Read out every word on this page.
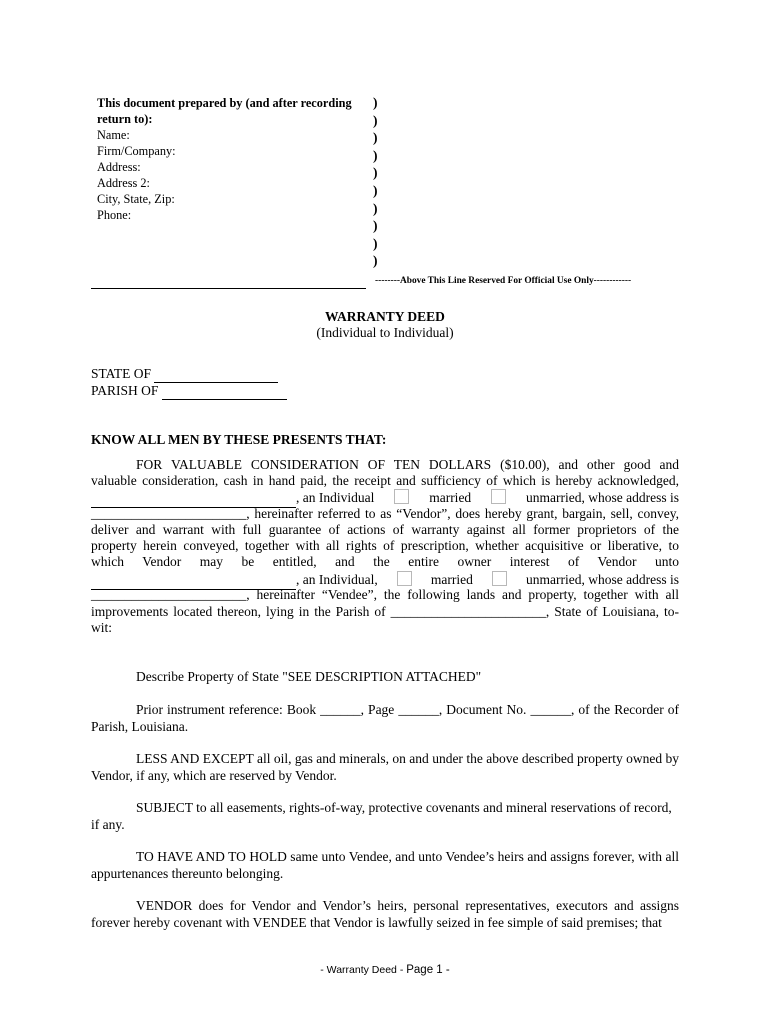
This document prepared by (and after recording return to):
Name:
Firm/Company:
Address:
Address 2:
City, State, Zip:
Phone:
)
)
)
)
)
)
)
)
)
)
--------Above This Line Reserved For Official Use Only------------
WARRANTY DEED
(Individual to Individual)
STATE OF
PARISH OF
KNOW ALL MEN BY THESE PRESENTS THAT:
FOR VALUABLE CONSIDERATION OF TEN DOLLARS ($10.00), and other good and
valuable consideration, cash in hand paid, the receipt and sufficiency of which is hereby acknowledged,
, an Individual	married	unmarried, whose address is
_______________________, hereinafter referred to as “Vendor”, does hereby grant, bargain, sell, convey,
deliver and warrant with full guarantee of actions of warranty against all former proprietors of the
property herein conveyed, together with all rights of prescription, whether acquisitive or liberative, to
which Vendor may be entitled, and the entire owner interest of Vendor unto
, an Individual,	married	unmarried, whose address is
_______________________, hereinafter “Vendee”, the following lands and property, together with all
improvements located thereon, lying in the Parish of _______________________, State of Louisiana, to-
wit:
Describe Property of State "SEE DESCRIPTION ATTACHED"
Prior instrument reference: Book ______, Page ______, Document No. ______, of the Recorder of Parish, Louisiana.
LESS AND EXCEPT all oil, gas and minerals, on and under the above described property owned by Vendor, if any, which are reserved by Vendor.
SUBJECT to all easements, rights-of-way, protective covenants and mineral reservations of record, if any.
TO HAVE AND TO HOLD same unto Vendee, and unto Vendee’s heirs and assigns forever, with all appurtenances thereunto belonging.
VENDOR does for Vendor and Vendor’s heirs, personal representatives, executors and assigns forever hereby covenant with VENDEE that Vendor is lawfully seized in fee simple of said premises; that
- Warranty Deed - Page 1 -
